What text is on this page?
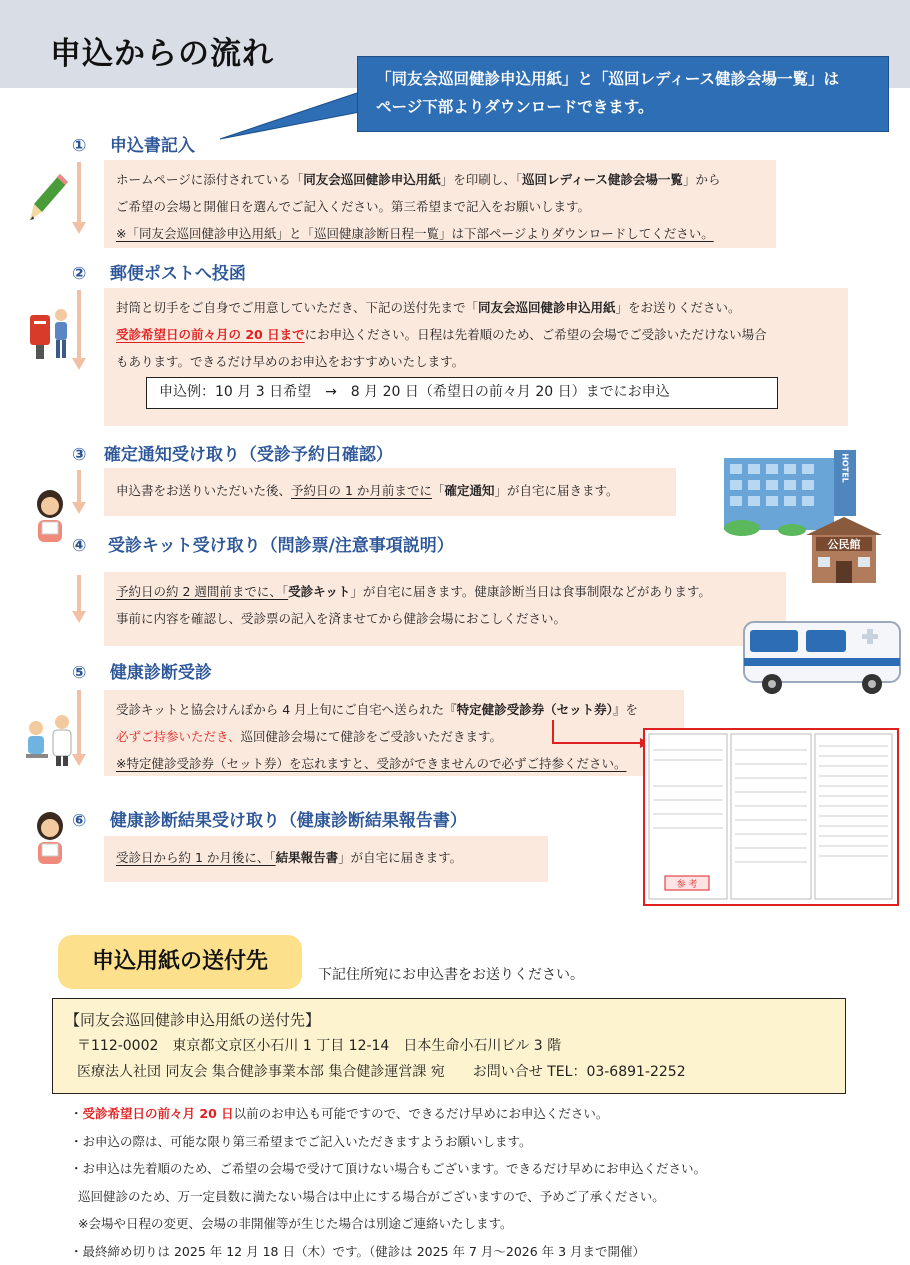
申込からの流れ
「同友会巡回健診申込用紙」と「巡回レディース健診会場一覧」は
ページ下部よりダウンロードできます。
① 申込書記入
ホームページに添付されている「同友会巡回健診申込用紙」を印刷し、「巡回レディース健診会場一覧」から
ご希望の会場と開催日を選んでご記入ください。第三希望まで記入をお願いします。
※「同友会巡回健診申込用紙」と「巡回健康診断日程一覧」は下部ページよりダウンロードしてください。
② 郵便ポストへ投函
封筒と切手をご自身でご用意していただき、下記の送付先まで「同友会巡回健診申込用紙」をお送りください。
受診希望日の前々月の 20 日までにお申込ください。日程は先着順のため、ご希望の会場でご受診いただけない場合
もあります。できるだけ早めのお申込をおすすめいたします。
申込例：10 月 3 日希望　→　8 月 20 日（希望日の前々月 20 日）までにお申込
③ 確定通知受け取り（受診予約日確認）
申込書をお送りいただいた後、予約日の 1 か月前までに「確定通知」が自宅に届きます。
④ 受診キット受け取り（問診票/注意事項説明）
予約日の約 2 週間前までに、「受診キット」が自宅に届きます。健康診断当日は食事制限などがあります。
事前に内容を確認し、受診票の記入を済ませてから健診会場におこしください。
HOTEL
公民館
⑤ 健康診断受診
受診キットと協会けんぽから 4 月上旬にご自宅へ送られた『特定健診受診券（セット券）』を
必ずご持参いただき、巡回健診会場にて健診をご受診いただきます。
※特定健診受診券（セット券）を忘れますと、受診ができませんので必ずご持参ください。
参 考
⑥ 健康診断結果受け取り（健康診断結果報告書）
受診日から約 1 か月後に、「結果報告書」が自宅に届きます。
申込用紙の送付先
下記住所宛にお申込書をお送りください。
【同友会巡回健診申込用紙の送付先】
〒112-0002　東京都文京区小石川 1 丁目 12-14　日本生命小石川ビル 3 階
医療法人社団 同友会 集合健診事業本部 集合健診運営課 宛　　お問い合せ TEL：03-6891-2252
・受診希望日の前々月 20 日以前のお申込も可能ですので、できるだけ早めにお申込ください。
・お申込の際は、可能な限り第三希望までご記入いただきますようお願いします。
・お申込は先着順のため、ご希望の会場で受けて頂けない場合もございます。できるだけ早めにお申込ください。
巡回健診のため、万一定員数に満たない場合は中止にする場合がございますので、予めご了承ください。
※会場や日程の変更、会場の非開催等が生じた場合は別途ご連絡いたします。
・最終締め切りは 2025 年 12 月 18 日（木）です。（健診は 2025 年 7 月～2026 年 3 月まで開催）
